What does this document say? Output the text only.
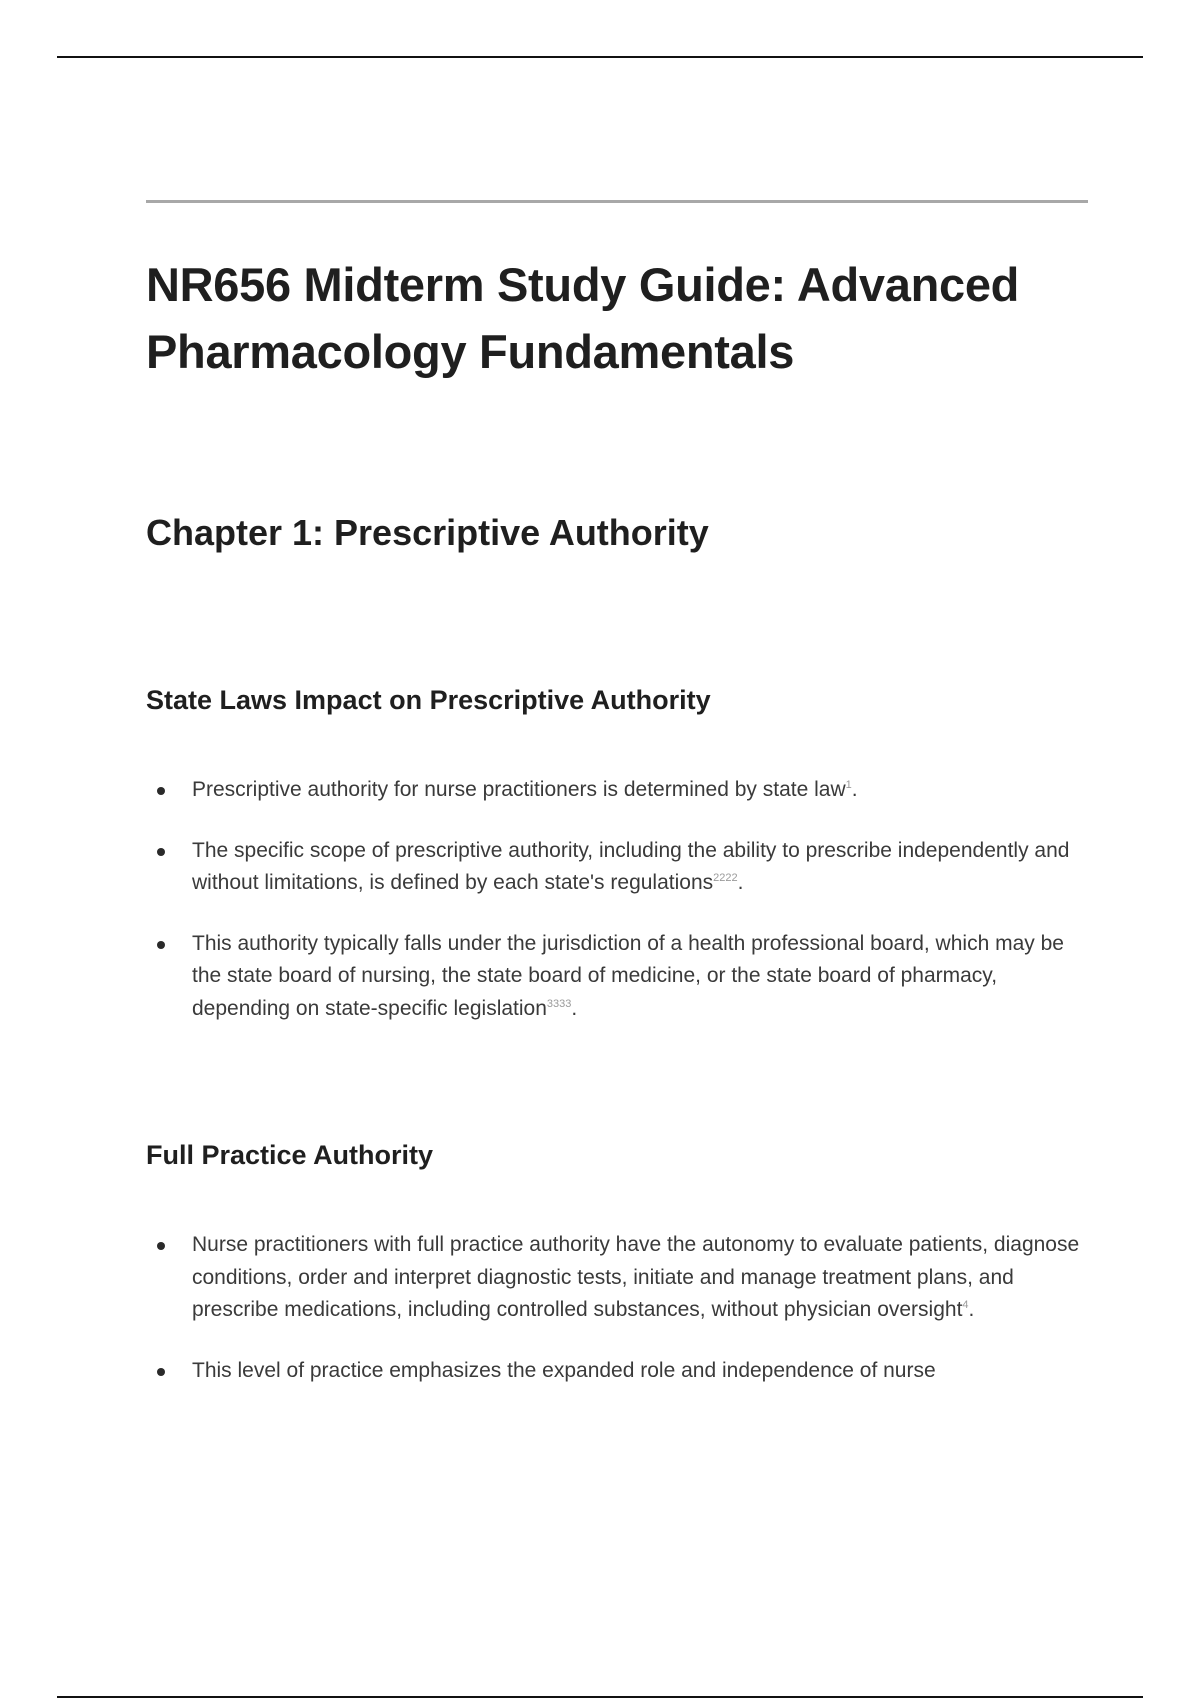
NR656 Midterm Study Guide: Advanced Pharmacology Fundamentals
Chapter 1: Prescriptive Authority
State Laws Impact on Prescriptive Authority
Prescriptive authority for nurse practitioners is determined by state law$^1$.
The specific scope of prescriptive authority, including the ability to prescribe independently and without limitations, is defined by each state's regulations$^{2222}$.
This authority typically falls under the jurisdiction of a health professional board, which may be the state board of nursing, the state board of medicine, or the state board of pharmacy, depending on state-specific legislation$^{3333}$.
Full Practice Authority
Nurse practitioners with full practice authority have the autonomy to evaluate patients, diagnose conditions, order and interpret diagnostic tests, initiate and manage treatment plans, and prescribe medications, including controlled substances, without physician oversight$^4$.
This level of practice emphasizes the expanded role and independence of nurse
